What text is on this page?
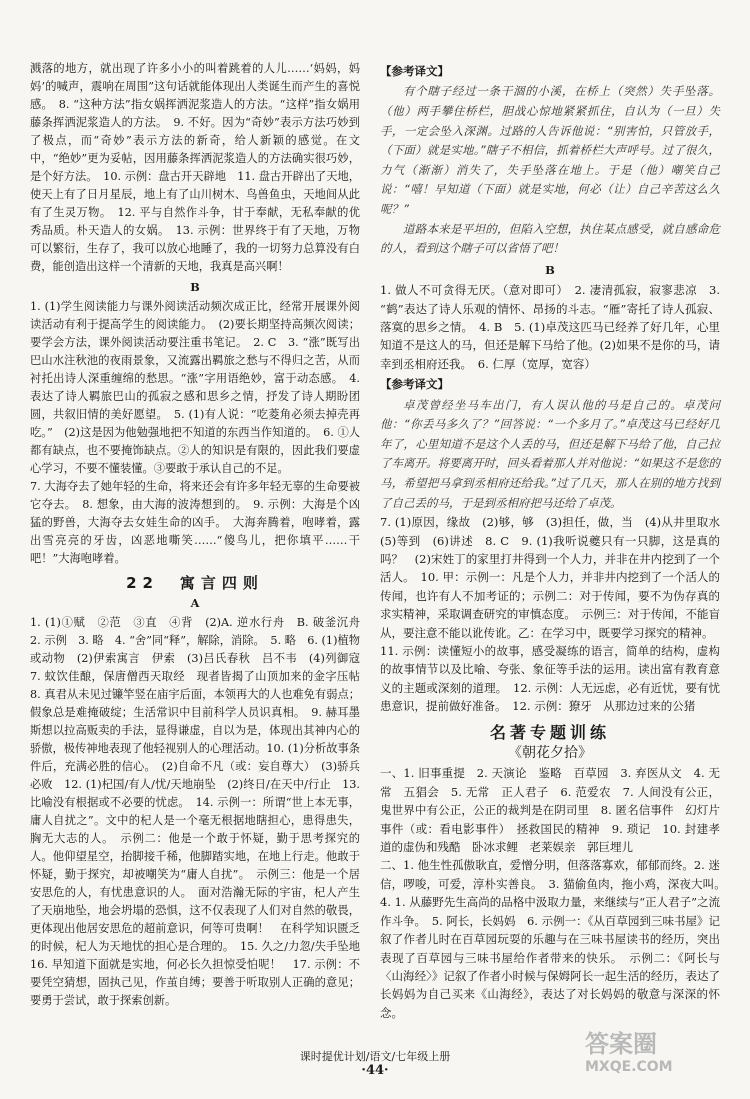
溅落的地方，就出现了许多小小的叫着跳着的人儿……‘妈妈，妈妈’的喊声，震响在周围”这句话就能体现出人类诞生而产生的喜悦感。　8. “这种方法”指女娲挥洒泥浆造人的方法。“这样”指女娲用藤条挥洒泥浆造人的方法。　9. 不好。因为“奇妙”表示方法巧妙到了极点，而“奇妙”表示方法的新奇，给人新颖的感觉。在文中，“绝妙”更为妥帖，因用藤条挥洒泥浆造人的方法确实很巧妙，是个好方法。　10. 示例：盘古开天辟地　11. 盘古开辟出了天地，使天上有了日月星辰，地上有了山川树木、鸟兽鱼虫，天地间从此有了生灵万物。　12. 平与自然作斗争，甘于奉献，无私奉献的优秀品质。朴天造人的女娲。　13. 示例：世界终于有了天地，万物可以繁衍，生存了，我可以放心地睡了，我的一切努力总算没有白费，能创造出这样一个清新的天地，我真是高兴啊！

B

1. (1)学生阅读能力与课外阅读活动频次成正比，经常开展课外阅读活动有利于提高学生的阅读能力。　(2)要长期坚持高频次阅读；要学会方法，课外阅读活动要注重书笔记。　2. C　3. “涨”既写出巴山水注秋池的夜雨景象，又流露出羁旅之愁与不得归之苦，从而衬托出诗人深重缠绵的愁思。“涨”字用语绝妙，富于动态感。　4. 表达了诗人羁旅巴山的孤寂之感和思乡之情，抒发了诗人期盼团圆，共叙旧情的美好愿望。　5. (1)有人说：“吃菱角必须去掉壳再吃。”　(2)这是因为他勉强地把不知道的东西当作知道的。　6. ①人都有缺点，也不要掩饰缺点。②人的知识是有限的，因此我们要虚心学习，不要不懂装懂。③要敢于承认自己的不足。

7. 大海夺去了她年轻的生命，将来还会有许多年轻无辜的生命要被它夺去。　8. 想象，由大海的波涛想到的。　9. 示例：大海是个凶猛的野兽，大海夺去女娃生命的凶手。　大海奔腾着，咆哮着，露出雪亮亮的牙齿，凶恶地嘶笑……“傻鸟儿，把你填平……干吧！”大海咆哮着。

22　寓言四则

A

1. (1)①赋　②范　③直　④背　(2)A. 逆水行舟　B. 破釜沉舟　2. 示例　3. 略　4. “舍”同“释”，解除，消除。　5. 略　6. (1)植物或动物　(2)伊索寓言　伊索　(3)吕氏春秋　吕不韦　(4)列御寇　7. 蚊饮佳酿，保唐僧西天取经　现者皆揭了山顶加来的金字压帖　8. 真君从未见过镰竿竖在庙宇后面，本领再大的人也难免有弱点；假象总是难掩破绽；生活常识中目前科学人员识真相。　9. 赫耳墨斯想以拉高贩卖的手法，显得谦虚，自以为是，体现出其神内心的骄傲，极传神地表现了他轻视别人的心理活动。10. (1)分析故事条件后，充满必胜的信心。　(2)自命不凡（或：妄自尊大）　(3)骄兵必败　12. (1)杞国/有人/忧/天地崩坠　(2)终日/在天中/行止　13. 比喻没有根据或不必要的忧虑。　14. 示例一：所谓“世上本无事，庸人自扰之”。文中的杞人是一个毫无根据地瞎担心，患得患失，胸无大志的人。　示例二：他是一个敢于怀疑，勤于思考探究的人。他仰望星空，抬脚接千稀，他脚踏实地，在地上行走。他敢于怀疑，勤于探究，却被嘲笑为“庸人自扰”。　示例三：他是一个居安思危的人，有忧患意识的人。　面对浩瀚无际的宇宙，杞人产生了天崩地坠，地会坍塌的恐惧，这不仅表现了人们对自然的敬畏，更体现出他居安思危的超前意识，何等可贵啊！　在科学知识匮乏的时候，杞人为天地忧的担心是合理的。　15. 久之/力忽/失手坠地　16. 早知道下面就是实地，何必长久担惊受怕呢！　17. 示例：不要凭空猜想，固执己见，作茧自缚；要善于听取别人正确的意见；要勇于尝试，敢于探索创新。

【参考译文】

有个瞎子经过一条干涸的小溪，在桥上（突然）失手坠落。（他）两手攀住桥栏，胆战心惊地紧紧抓住，自认为（一旦）失手，一定会坠入深渊。过路的人告诉他说：“别害怕，只管放手，（下面）就是实地。”瞎子不相信，抓着桥栏大声呼号。过了很久，力气（渐渐）消失了，失手坠落在地上。于是（他）嘲笑自己说：“嘻！早知道（下面）就是实地，何必（让）自己辛苦这么久呢？”

道路本来是平坦的，但陷入空想，执住某点感受，就自感命危的人，看到这个瞎子可以省悟了吧！

B

1. 做人不可贪得无厌。（意对即可）　2. 凄清孤寂，寂寥悲凉　3. “鹤”表达了诗人乐观的情怀、昂扬的斗志。“雁”寄托了诗人孤寂、落寞的思乡之情。　4. B　5. (1)卓茂这匹马已经养了好几年，心里知道不是这人的马，但还是解下马给了他。(2)如果不是你的马，请幸到丞相府还我。　6. 仁厚（宽厚，宽容）

【参考译文】

卓茂曾经坐马车出门，有人误认他的马是自己的。卓茂问他：“你丢马多久了？”回答说：“一个多月了。”卓茂这马已经好几年了，心里知道不是这个人丢的马，但还是解下马给了他，自己拉了车离开。将要离开时，回头看着那人并对他说：“如果这不是您的马，希望把马拿到丞相府还给我。”过了几天，那人在别的地方找到了自己丢的马，于是到丞相府把马还给了卓茂。

7. (1)原因，缘故　(2)够，够　(3)担任，做，当　(4)从井里取水　(5)等到　(6)讲述　8. C　9. (1)我听说夔只有一只脚，这是真的吗？　(2)宋姓丁的家里打井得到一个人力，并非在井内挖到了一个活人。　10. 甲：示例一：凡是个人力，并非井内挖到了一个活人的传闻，也许有人不加考证的；示例二：对于传闻，要不为伪存真的求实精神，采取调查研究的审慎态度。　示例三：对于传闻，不能盲从，要注意不能以讹传讹。乙：在学习中，既要学习探究的精神。

11. 示例：读懂短小的故事，感受凝练的语言，简单的结构，虚构的故事情节以及比喻、夸张、象征等手法的运用。读出富有教育意义的主题或深刻的道理。　12. 示例：人无远虑，必有近忧，要有忧患意识，提前做好准备。　12. 示例：獠牙　从那边过来的公猪

名著专题训练

《朝花夕拾》

一、1. 旧事重提　2. 天演论　鉴略　百草园　3. 弃医从文　4. 无常　五猖会　5. 无常　正人君子　6. 范爱农　7. 人间没有公正，鬼世界中有公正，公正的裁判是在阴司里　8. 匿名信事件　幻灯片事件（或：看电影事件）　拯救国民的精神　9. 琐记　10. 封建孝道的虚伪和残酷　卧冰求鲤　老莱娱亲　郭巨埋儿

二、1. 他生性孤傲耿直，爱憎分明，但落落寡欢，郁郁而终。2. 迷信，啰唆，可爱，淳朴实善良。　3. 猫偷鱼肉，拖小鸡，深夜大叫。　4. 1. 从藤野先生高尚的品格中汲取力量，来继续与“正人君子”之流作斗争。　5. 阿长，长妈妈　6. 示例一：《从百草园到三味书屋》记叙了作者儿时在百草园玩耍的乐趣与在三味书屋读书的经历，突出表现了百草园与三味书屋给作者带来的快乐。　示例二：《阿长与〈山海经〉》记叙了作者小时候与保姆阿长一起生活的经历，表达了长妈妈为自己买来《山海经》，表达了对长妈妈的敬意与深深的怀念。

课时提优计划/语文/七年级上册
·44·
答案圈
MXQE.COM
